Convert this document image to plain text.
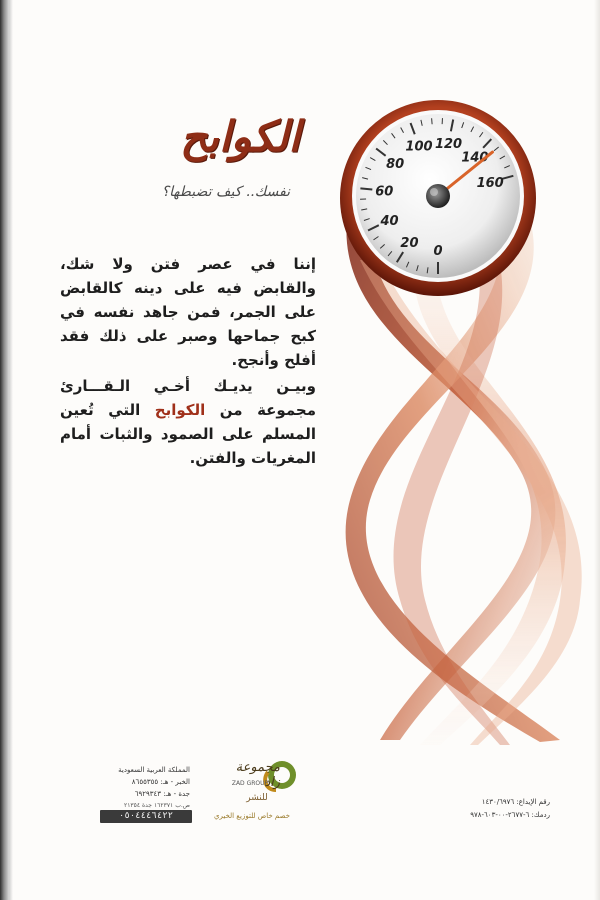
0
20
40
60
80
100 120
140
160
الكوابح
نفسك.. كيف تضبطها؟
إننا في عصر فتن ولا شك، والقابض فيه على دينه كالقابض على الجمر، فمن جاهد نفسه في كبح جماحها وصبر على ذلك فقد أفلح وأنجح.
وبيـن يديـك أخـي الـقـــارئ مجموعة من الكوابح التي تُعين المسلم على الصمود والثبات أمام المغريات والفتن.
المملكة العربية السعودية
الخبر - هـ: ٨٦٥٥٣٥٥
جدة - هـ: ٦٩٢٩٣٤٣
ص.ب ١٦٢٣٧١ جدة ٢١٣٥٤
٠٥٠٤٤٤٦٤٢٢
مجموعة زاد
ZAD GROUP
للنشر
خصم خاص للتوزيع الخيري
رقم الإيداع: ١٤٣٠/٦٩٧٦
ردمك: ٦-٢٦٧٧-٠٠-٦٠٣-٩٧٨
